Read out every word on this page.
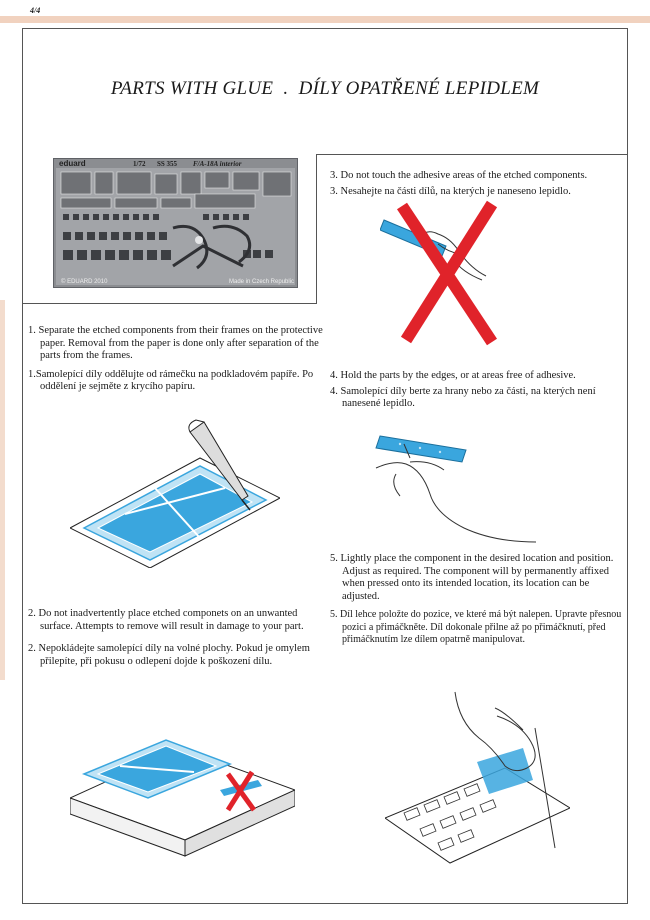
4/4
PARTS WITH GLUE  .  DÍLY OPATŘENÉ LEPIDLEM
eduard	1/72 SS 355 F/A-18A interior
© EDUARD 2010	Made in Czech Republic

3. Do not touch the adhesive areas of the etched components.

3. Nesahejte na části dílů, na kterých je naneseno lepidlo.

1. Separate the etched components from their frames on the protective paper. Removal from the paper is done only after separation of the parts from the frames.

1.Samolepící díly oddělujte od rámečku na podkladovém papíře. Po oddělení je sejměte z krycího papíru.

2. Do not inadvertently place etched componets on an unwanted surface. Attempts to remove will result in damage to your part.

2. Nepokládejte samolepící díly na volné plochy. Pokud je omylem přilepíte, při pokusu o odlepení dojde k poškození dílu.

4. Hold the parts by the edges, or at areas free of adhesive.

4. Samolepící díly berte za hrany nebo za části, na kterých není nanesené lepidlo.

5. Lightly place the component in the desired location and position. Adjust as required. The component will by permanently affixed when pressed onto its intended location, its location can be adjusted.

5. Díl lehce položte do pozice, ve které má být nalepen. Upravte přesnou pozici a přimáčkněte. Díl dokonale přilne až po přimáčknutí, před přimáčknutím lze dílem opatrně manipulovat.
